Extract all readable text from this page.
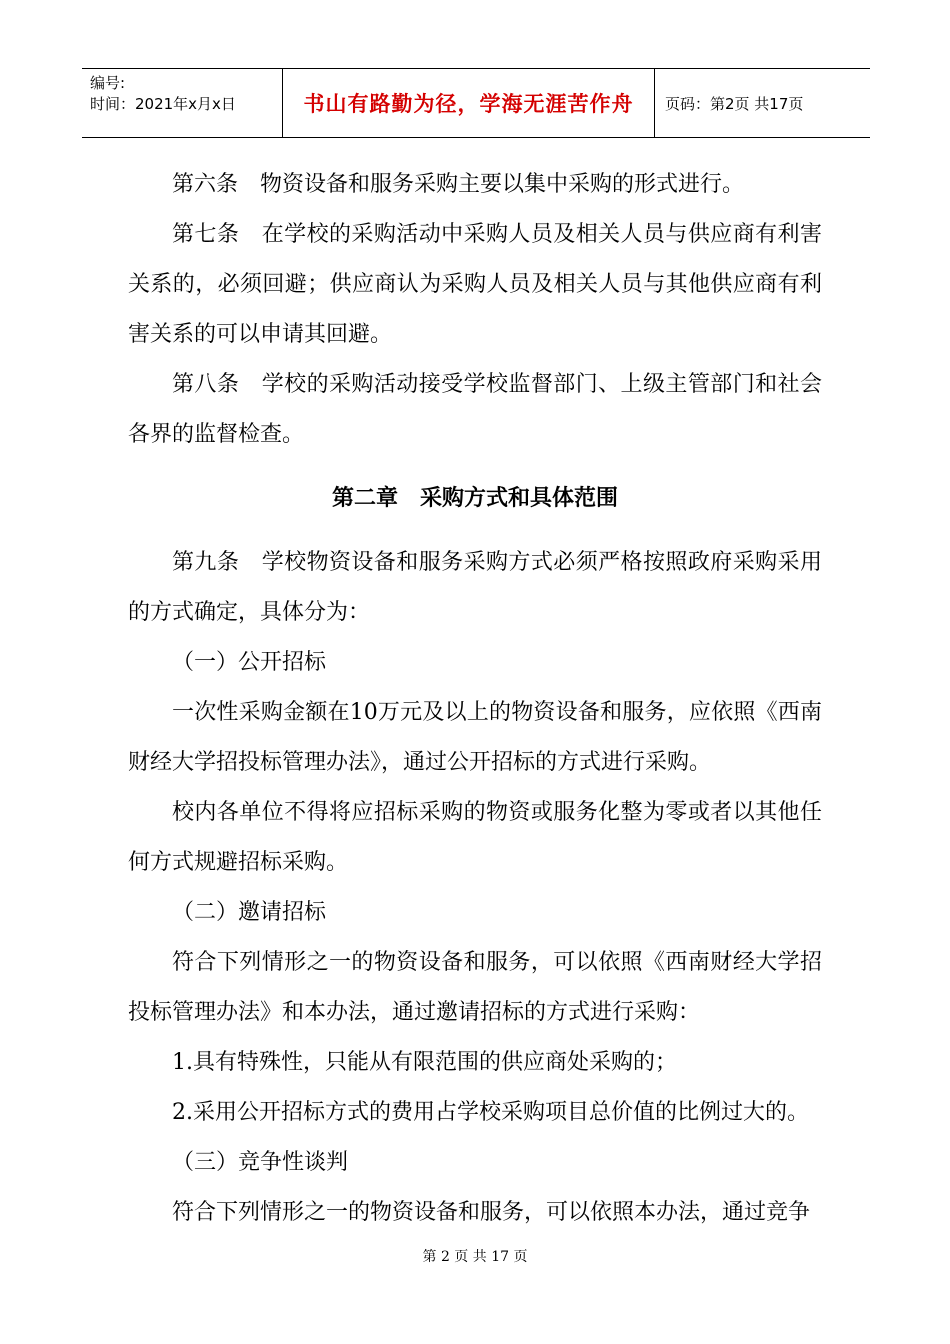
编号:
时间：2021年x月x日	书山有路勤为径，学海无涯苦作舟	页码：第2页 共17页

第六条　物资设备和服务采购主要以集中采购的形式进行。

第七条　在学校的采购活动中采购人员及相关人员与供应商有利害关系的，必须回避；供应商认为采购人员及相关人员与其他供应商有利害关系的可以申请其回避。

第八条　学校的采购活动接受学校监督部门、上级主管部门和社会各界的监督检查。

第二章　采购方式和具体范围

第九条　学校物资设备和服务采购方式必须严格按照政府采购采用的方式确定，具体分为：

（一）公开招标

一次性采购金额在10万元及以上的物资设备和服务，应依照《西南财经大学招投标管理办法》，通过公开招标的方式进行采购。

校内各单位不得将应招标采购的物资或服务化整为零或者以其他任何方式规避招标采购。

（二）邀请招标

符合下列情形之一的物资设备和服务，可以依照《西南财经大学招投标管理办法》和本办法，通过邀请招标的方式进行采购：

1.具有特殊性，只能从有限范围的供应商处采购的；

2.采用公开招标方式的费用占学校采购项目总价值的比例过大的。

（三）竞争性谈判

符合下列情形之一的物资设备和服务，可以依照本办法，通过竞争

第 2 页 共 17 页
